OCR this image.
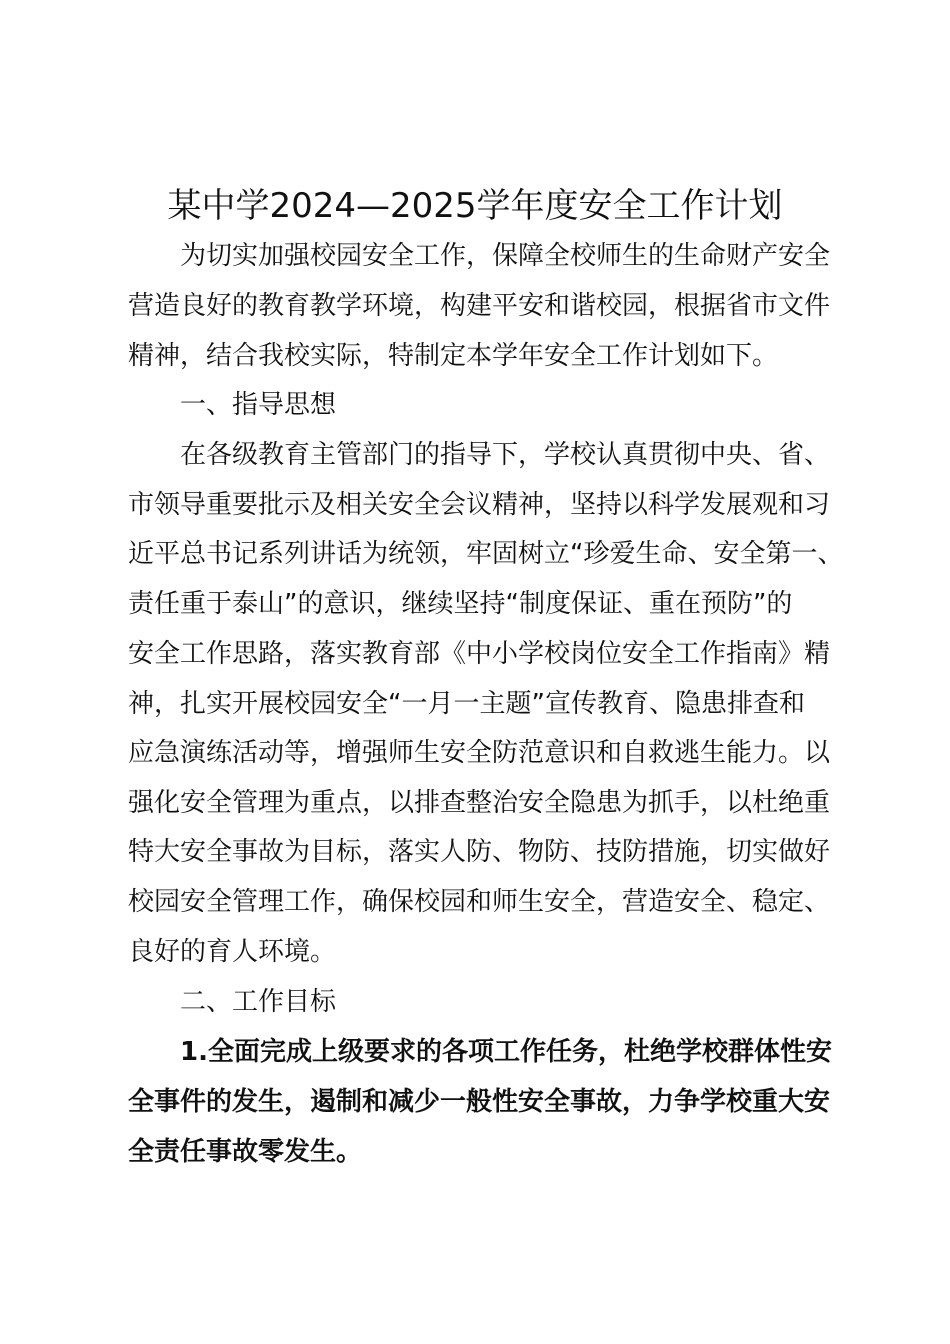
某中学2024—2025学年度安全工作计划
为切实加强校园安全工作，保障全校师生的生命财产安全
营造良好的教育教学环境，构建平安和谐校园，根据省市文件
精神，结合我校实际，特制定本学年安全工作计划如下。
一、指导思想
在各级教育主管部门的指导下，学校认真贯彻中央、省、
市领导重要批示及相关安全会议精神，坚持以科学发展观和习
近平总书记系列讲话为统领，牢固树立“珍爱生命、安全第一、
责任重于泰山”的意识，继续坚持“制度保证、重在预防”的
安全工作思路，落实教育部《中小学校岗位安全工作指南》精
神，扎实开展校园安全“一月一主题”宣传教育、隐患排查和
应急演练活动等，增强师生安全防范意识和自救逃生能力。以
强化安全管理为重点，以排查整治安全隐患为抓手，以杜绝重
特大安全事故为目标，落实人防、物防、技防措施，切实做好
校园安全管理工作，确保校园和师生安全，营造安全、稳定、
良好的育人环境。
二、工作目标
1.全面完成上级要求的各项工作任务，杜绝学校群体性安
全事件的发生，遏制和减少一般性安全事故，力争学校重大安
全责任事故零发生。
